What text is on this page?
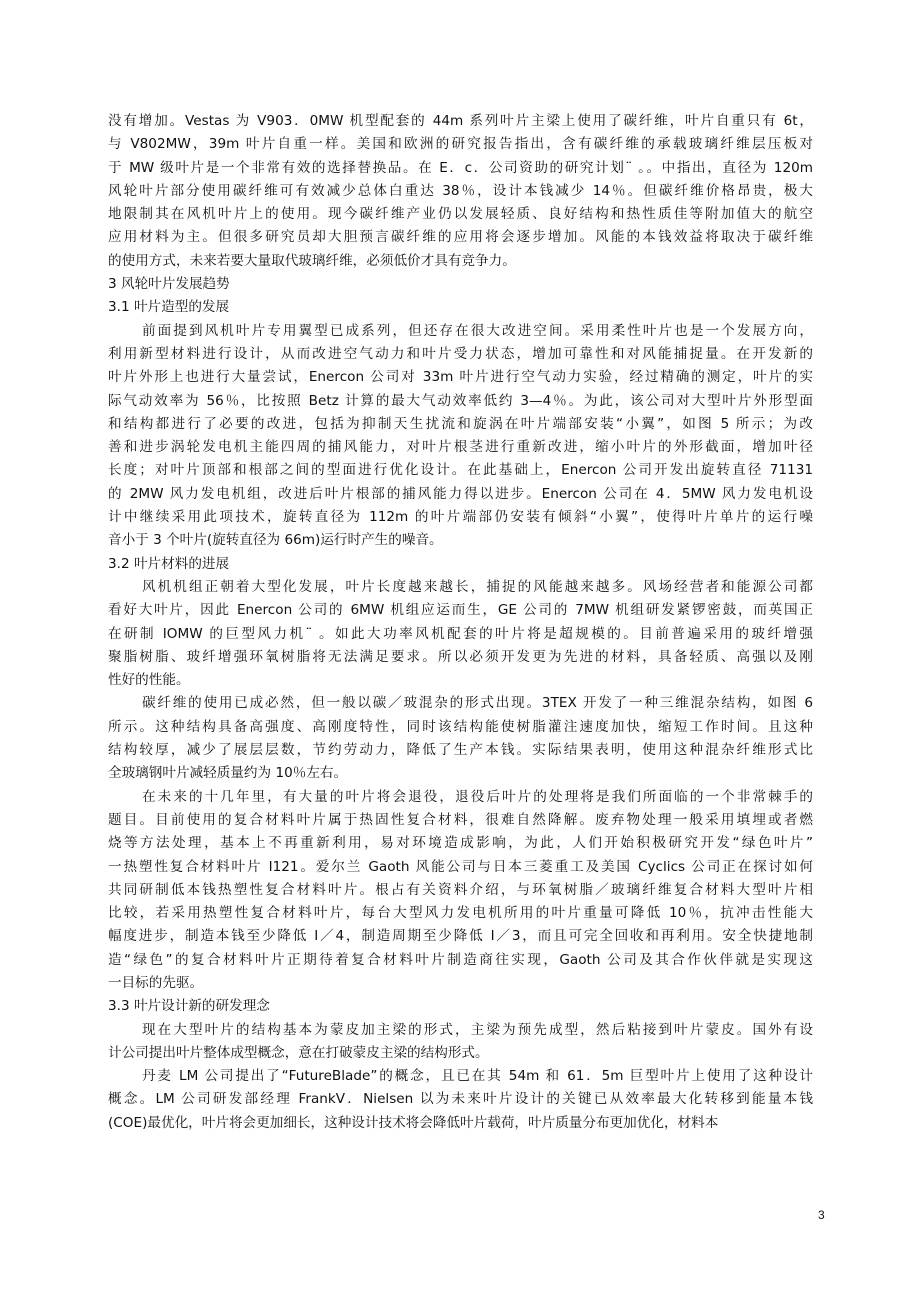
没有增加。Vestas 为 V903．0MW 机型配套的 44m 系列叶片主梁上使用了碳纤维，叶片自重只有 6t，
与 V802MW，39m 叶片自重一样。美国和欧洲的研究报告指出，含有碳纤维的承载玻璃纤维层压板对
于 MW 级叶片是一个非常有效的选择替换品。在 E．c．公司资助的研究计划¨ 。。中指出，直径为 120m
风轮叶片部分使用碳纤维可有效减少总体白重达 38％，设计本钱减少 14％。但碳纤维价格昂贵，极大
地限制其在风机叶片上的使用。现今碳纤维产业仍以发展轻质、良好结构和热性质佳等附加值大的航空
应用材料为主。但很多研究员却大胆预言碳纤维的应用将会逐步增加。风能的本钱效益将取决于碳纤维
的使用方式，未来若要大量取代玻璃纤维，必须低价才具有竞争力。
3 风轮叶片发展趋势
3.1 叶片造型的发展
前面提到风机叶片专用翼型已成系列，但还存在很大改进空间。采用柔性叶片也是一个发展方向，
利用新型材料进行设计，从而改进空气动力和叶片受力状态，增加可靠性和对风能捕捉量。在开发新的
叶片外形上也进行大量尝试，Enercon 公司对 33m 叶片进行空气动力实验，经过精确的测定，叶片的实
际气动效率为 56％，比按照 Betz 计算的最大气动效率低约 3—4％。为此，该公司对大型叶片外形型面
和结构都进行了必要的改进，包括为抑制天生扰流和旋涡在叶片端部安装“小翼”，如图 5 所示；为改
善和进步涡轮发电机主能四周的捕风能力，对叶片根茎进行重新改进，缩小叶片的外形截面，增加叶径
长度；对叶片顶部和根部之间的型面进行优化设计。在此基础上，Enercon 公司开发出旋转直径 71131
的 2MW 风力发电机组，改进后叶片根部的捕风能力得以进步。Enercon 公司在 4．5MW 风力发电机设
计中继续采用此项技术，旋转直径为 112m 的叶片端部仍安装有倾斜“小翼”，使得叶片单片的运行噪
音小于 3 个叶片(旋转直径为 66m)运行时产生的噪音。
3.2 叶片材料的进展
风机机组正朝着大型化发展，叶片长度越来越长，捕捉的风能越来越多。风场经营者和能源公司都
看好大叶片，因此 Enercon 公司的 6MW 机组应运而生，GE 公司的 7MW 机组研发紧锣密鼓，而英国正
在研制 IOMW 的巨型风力机¨ 。如此大功率风机配套的叶片将是超规模的。目前普遍采用的玻纤增强
聚脂树脂、玻纤增强环氧树脂将无法满足要求。所以必须开发更为先进的材料，具备轻质、高强以及刚
性好的性能。
碳纤维的使用已成必然，但一般以碳／玻混杂的形式出现。3TEX 开发了一种三维混杂结构，如图 6
所示。这种结构具备高强度、高刚度特性，同时该结构能使树脂灌注速度加快，缩短工作时间。且这种
结构较厚，减少了展层层数，节约劳动力，降低了生产本钱。实际结果表明，使用这种混杂纤维形式比
全玻璃钢叶片减轻质量约为 10％左右。
在未来的十几年里，有大量的叶片将会退役，退役后叶片的处理将是我们所面临的一个非常棘手的
题目。目前使用的复合材料叶片属于热固性复合材料，很难自然降解。废弃物处理一般采用填埋或者燃
烧等方法处理，基本上不再重新利用，易对环境造成影响，为此，人们开始积极研究开发“绿色叶片”
一热塑性复合材料叶片 I121。爱尔兰 Gaoth 风能公司与日本三菱重工及美国 Cyclics 公司正在探讨如何
共同研制低本钱热塑性复合材料叶片。根占有关资料介绍，与环氧树脂／玻璃纤维复合材料大型叶片相
比较，若采用热塑性复合材料叶片，每台大型风力发电机所用的叶片重量可降低 10％，抗冲击性能大
幅度进步，制造本钱至少降低 I／4，制造周期至少降低 I／3，而且可完全回收和再利用。安全快捷地制
造“绿色”的复合材料叶片正期待着复合材料叶片制造商往实现，Gaoth 公司及其合作伙伴就是实现这
一目标的先驱。
3.3 叶片设计新的研发理念
现在大型叶片的结构基本为蒙皮加主梁的形式，主梁为预先成型，然后粘接到叶片蒙皮。国外有设
计公司提出叶片整体成型概念，意在打破蒙皮主梁的结构形式。
丹麦 LM 公司提出了“FutureBlade”的概念，且已在其 54m 和 61．5m 巨型叶片上使用了这种设计
概念。LM 公司研发部经理 FrankV．Nielsen 以为未来叶片设计的关键已从效率最大化转移到能量本钱
(COE)最优化，叶片将会更加细长，这种设计技术将会降低叶片载荷，叶片质量分布更加优化，材料本
3
